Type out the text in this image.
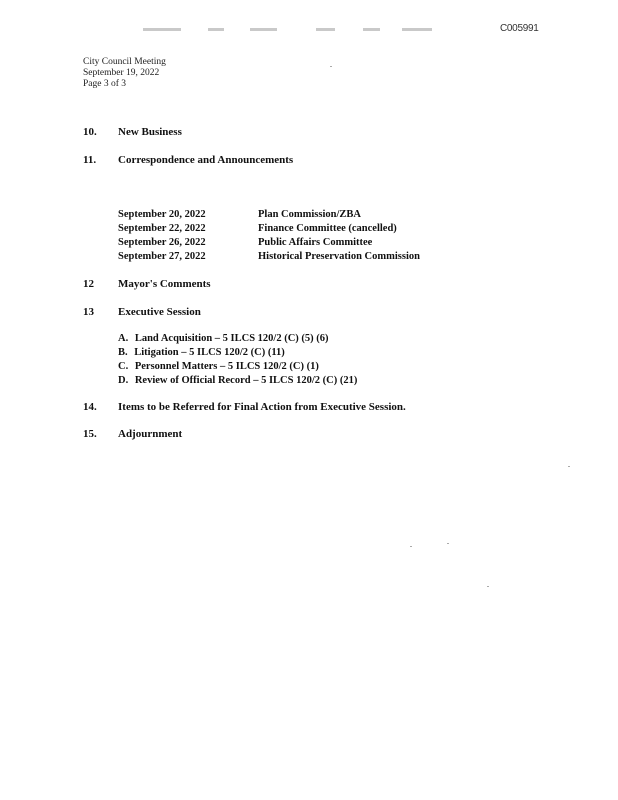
C005991
City Council Meeting
September 19, 2022
Page 3 of 3
10. New Business
11. Correspondence and Announcements
September 20, 2022	Plan Commission/ZBA
September 22, 2022	Finance Committee (cancelled)
September 26, 2022	Public Affairs Committee
September 27, 2022	Historical Preservation Commission
12 Mayor's Comments
13 Executive Session
A. Land Acquisition – 5 ILCS 120/2 (C) (5) (6)
B. Litigation – 5 ILCS 120/2 (C) (11)
C. Personnel Matters – 5 ILCS 120/2 (C) (1)
D. Review of Official Record – 5 ILCS 120/2 (C) (21)
14. Items to be Referred for Final Action from Executive Session.
15. Adjournment
